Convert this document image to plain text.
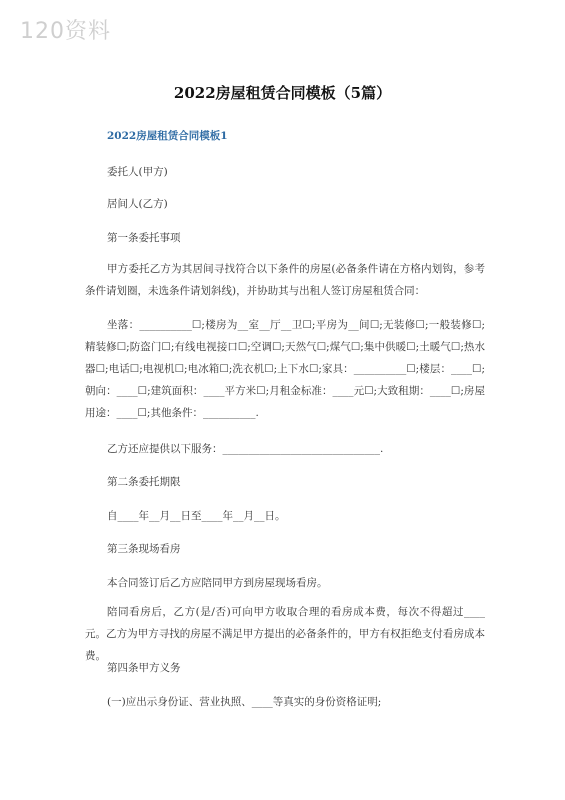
120资料
2022房屋租赁合同模板（5篇）
2022房屋租赁合同模板1
委托人(甲方)
居间人(乙方)
第一条委托事项
甲方委托乙方为其居间寻找符合以下条件的房屋(必备条件请在方格内划钩，参考条件请划圈，未选条件请划斜线)，并协助其与出租人签订房屋租赁合同：
坐落：__________☐;楼房为__室__厅__卫☐;平房为__间☐;无装修☐;一般装修☐;精装修☐;防盗门☐;有线电视接口☐;空调☐;天然气☐;煤气☐;集中供暖☐;土暖气☐;热水器☐;电话☐;电视机☐;电冰箱☐;洗衣机☐;上下水☐;家具：__________☐;楼层：____☐;朝向：____☐;建筑面积：____平方米☐;月租金标准：____元☐;大致租期：____☐;房屋用途：____☐;其他条件：__________.
乙方还应提供以下服务：______________________________.
第二条委托期限
自____年__月__日至____年__月__日。
第三条现场看房
本合同签订后乙方应陪同甲方到房屋现场看房。
陪同看房后，乙方(是/否)可向甲方收取合理的看房成本费，每次不得超过____元。乙方为甲方寻找的房屋不满足甲方提出的必备条件的，甲方有权拒绝支付看房成本费。
第四条甲方义务
(一)应出示身份证、营业执照、____等真实的身份资格证明;
